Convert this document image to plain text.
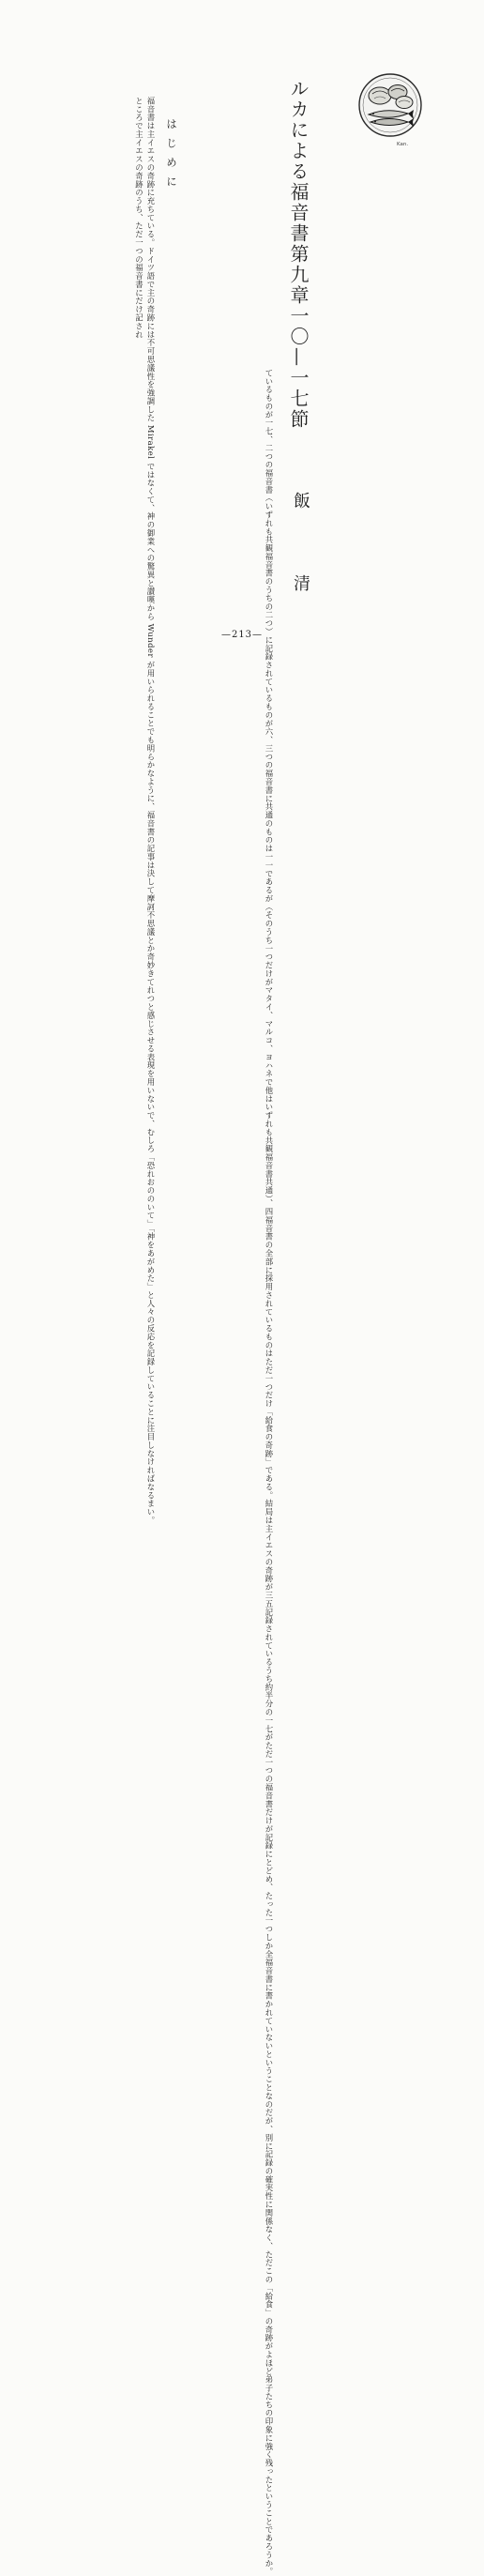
ルカによる福音書第九章一〇—一七節
飯
清
はじめに

福音書は主イエスの奇跡に充ちている。ドイツ語で主の奇跡には不可思議性を強調した Mirakel ではなくて、神の御業への驚異と讃嘆から Wunder が用いられることでも明らかなように、福音書の記事は決して摩訶不思議とか奇妙きてれつと感じさせる表現を用いないで、むしろ「恐れおののいて」「神をあがめた」と人々の反応を記録していることに注目しなければなるまい。

ところで主イエスの奇跡のうち、ただ一つの福音書にだけ記され

ているものが一七、二つの福音書（いずれも共観福音書のうちの二つ）に記録されているものが六、三つの福音書に共通のものは一一であるが（そのうち一つだけがマタイ、マルコ、ヨハネで他はいずれも共観福音書共通）、四福音書の全部に採用されているものはただ一つだけ「給食の奇跡」である。結局は主イエスの奇跡が三五記録されているうち約半分の一七がただ一つの福音書だけが記録にとどめ、たった一つしか全福音書に書かれていないということなのだが、別に記録の確実性に関係なく、ただこの「給食」の奇跡がよほど弟子たちの印象に強く残ったということであろうか。

Kan.
—213—
